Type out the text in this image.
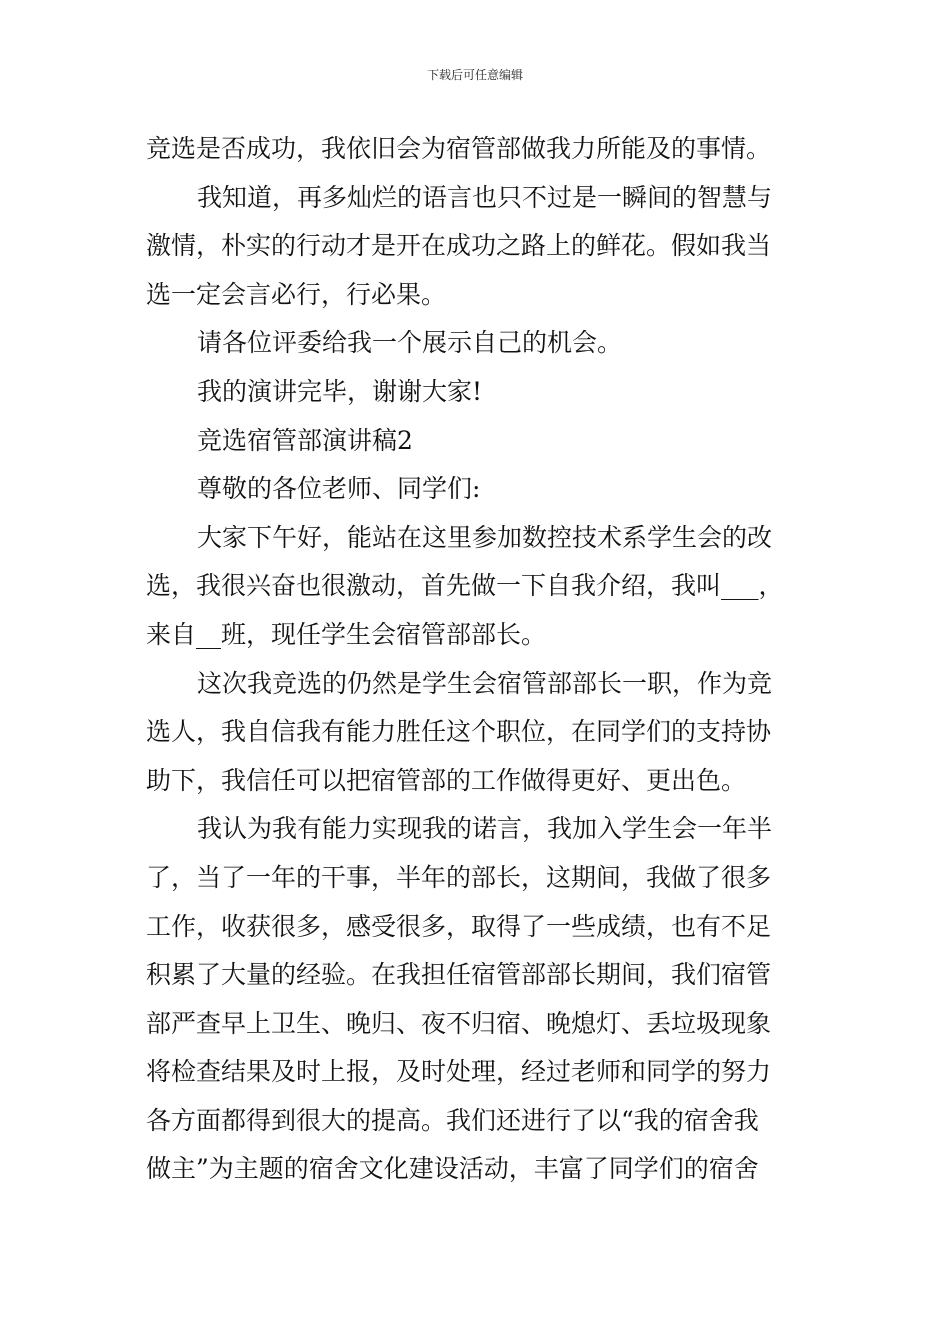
下载后可任意编辑
竞选是否成功，我依旧会为宿管部做我力所能及的事情。
我知道，再多灿烂的语言也只不过是一瞬间的智慧与
激情，朴实的行动才是开在成功之路上的鲜花。假如我当
选一定会言必行，行必果。
请各位评委给我一个展示自己的机会。
我的演讲完毕，谢谢大家!
竞选宿管部演讲稿2
尊敬的各位老师、同学们:
大家下午好，能站在这里参加数控技术系学生会的改
选，我很兴奋也很激动，首先做一下自我介绍，我叫___，
来自__班，现任学生会宿管部部长。
这次我竞选的仍然是学生会宿管部部长一职，作为竞
选人，我自信我有能力胜任这个职位，在同学们的支持协
助下，我信任可以把宿管部的工作做得更好、更出色。
我认为我有能力实现我的诺言，我加入学生会一年半
了，当了一年的干事，半年的部长，这期间，我做了很多
工作，收获很多，感受很多，取得了一些成绩，也有不足
积累了大量的经验。在我担任宿管部部长期间，我们宿管
部严查早上卫生、晚归、夜不归宿、晚熄灯、丢垃圾现象
将检查结果及时上报，及时处理，经过老师和同学的努力
各方面都得到很大的提高。我们还进行了以“我的宿舍我
做主”为主题的宿舍文化建设活动，丰富了同学们的宿舍
